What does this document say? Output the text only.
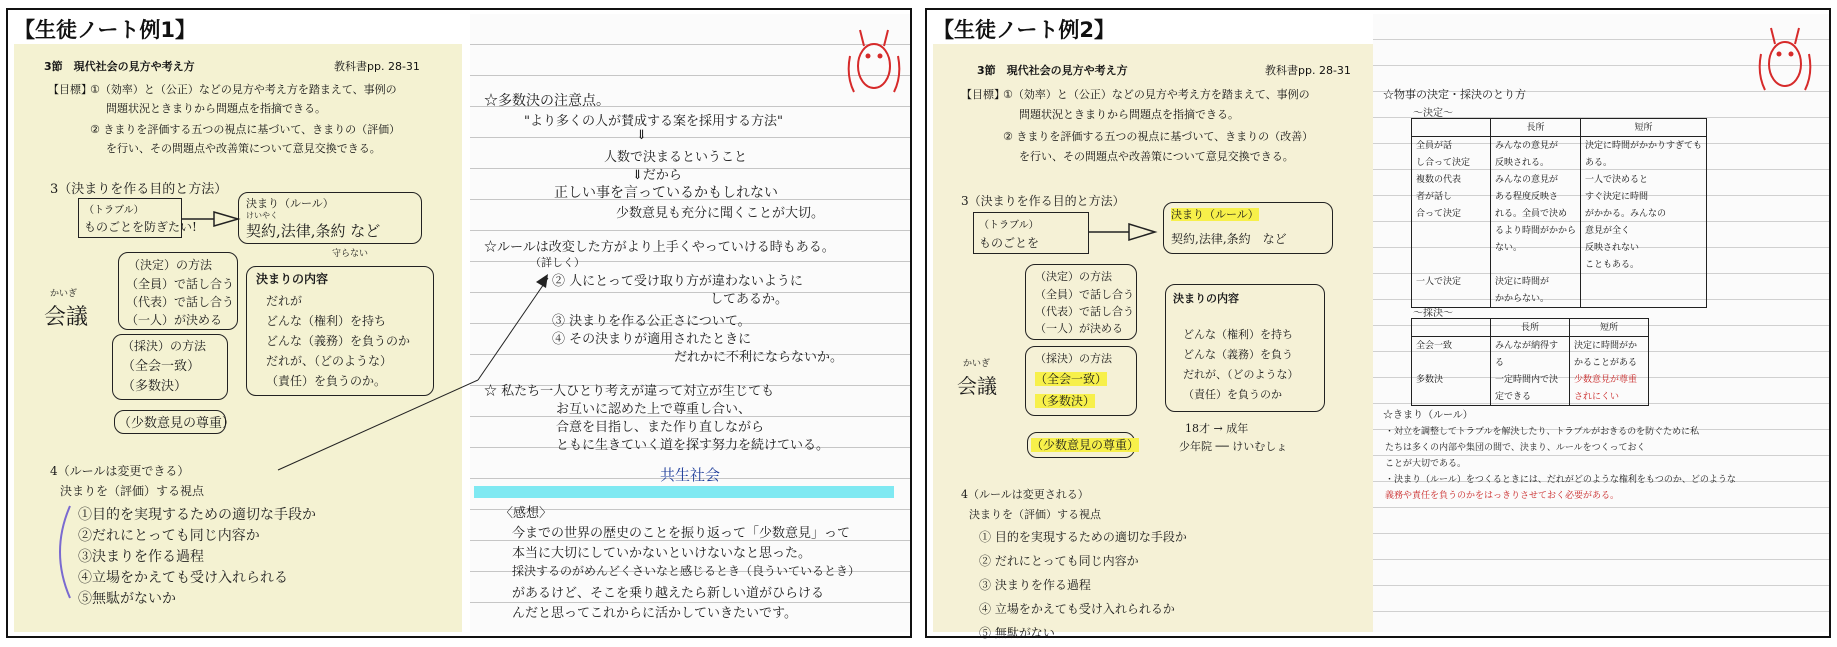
【生徒ノート例1】
3節　現代社会の見方や考え方	教科書pp. 28-31
【目標】
①（効率）と（公正）などの見方や考え方を踏まえて、事例の
問題状況ときまりから問題点を指摘できる。
② きまりを評価する五つの視点に基づいて、きまりの（評価）
を行い、その問題点や改善策について意見交換できる。
3（決まりを作る目的と方法）
（トラブル）
ものごとを防ぎたい!
決まり（ルール）
けいやく
契約,法律,条約 など
守らない
（決定）の方法
（全員）で話し合う
（代表）で話し合う
（一人）が決める
かいぎ
会議
（採決）の方法
（全会一致）
（多数決）
（少数意見の尊重）
決まりの内容
だれが
どんな（権利）を持ち
どんな（義務）を負うのか
だれが、（どのような）
（責任）を負うのか。
4（ルールは変更できる）
決まりを（評価）する視点
①目的を実現するための適切な手段か
②だれにとっても同じ内容か
③決まりを作る過程
④立場をかえても受け入れられる
⑤無駄がないか
☆多数決の注意点。
"より多くの人が賛成する案を採用する方法"
⇓
人数で決まるということ
⇓だから
正しい事を言っているかもしれない
少数意見も充分に聞くことが大切。
☆ルールは改変した方がより上手くやっていける時もある。
（詳しく）
② 人にとって受け取り方が違わないように
してあるか。
③ 決まりを作る公正さについて。
④ その決まりが適用されたときに
だれかに不利にならないか。
☆ 私たち一人ひとり考えが違って対立が生じても
お互いに認めた上で尊重し合い、
合意を目指し、また作り直しながら
ともに生きていく道を探す努力を続けている。
共生社会
〈感想〉
今までの世界の歴史のことを振り返って「少数意見」って
本当に大切にしていかないといけないなと思った。
採決するのがめんどくさいなと感じるとき（良ういているとき）
があるけど、そこを乗り越えたら新しい道がひらける
んだと思ってこれからに活かしていきたいです。
【生徒ノート例2】
3節　現代社会の見方や考え方	教科書pp. 28-31
【目標】
①（効率）と（公正）などの見方や考え方を踏まえて、事例の
問題状況ときまりから問題点を指摘できる。
② きまりを評価する五つの視点に基づいて、きまりの（改善）
を行い、その問題点や改善策について意見交換できる。
3（決まりを作る目的と方法）
（トラブル）
ものごとを
決まり（ルール）
契約,法律,条約　など
（決定）の方法
（全員）で話し合う
（代表）で話し合う
（一人）が決める
かいぎ
会議
（採決）の方法
（全会一致）
（多数決）
（少数意見の尊重）
決まりの内容
どんな（権利）を持ち
どんな（義務）を負う
だれが、（どのような）
（責任）を負うのか
18才 → 成年
少年院 ── けいむしょ
4（ルールは変更される）
決まりを（評価）する視点
① 目的を実現するための適切な手段か
② だれにとっても同じ内容か
③ 決まりを作る過程
④ 立場をかえても受け入れられるか
⑤ 無駄がない
☆物事の決定・採決のとり方
～決定～
	長所	短所
全員が話	みんなの意見が	決定に時間がかかりすぎても
し合って決定	反映される。	ある。
複数の代表	みんなの意見が	一人で決めると
者が話し	ある程度反映さ	すぐ決定に時間
合って決定	れる。全員で決め	がかかる。みんなの
	るより時間がかから	意見が全く
	ない。	反映されない
		こともある。
一人で決定	決定に時間が	
	かからない。	
～採決～
	長所	短所
全会一致	みんなが納得す	決定に時間がか
	る	かることがある
多数決	一定時間内で決	少数意見が尊重
	定できる	されにくい
☆きまり（ルール）
・対立を調整してトラブルを解決したり、トラブルがおきるのを防ぐために私
たちは多くの内部や集団の間で、決まり、ルールをつくっておく
ことが大切である。
・決まり（ルール）をつくるときには、だれがどのような権利をもつのか、どのような
義務や責任を負うのかをはっきりさせておく必要がある。
